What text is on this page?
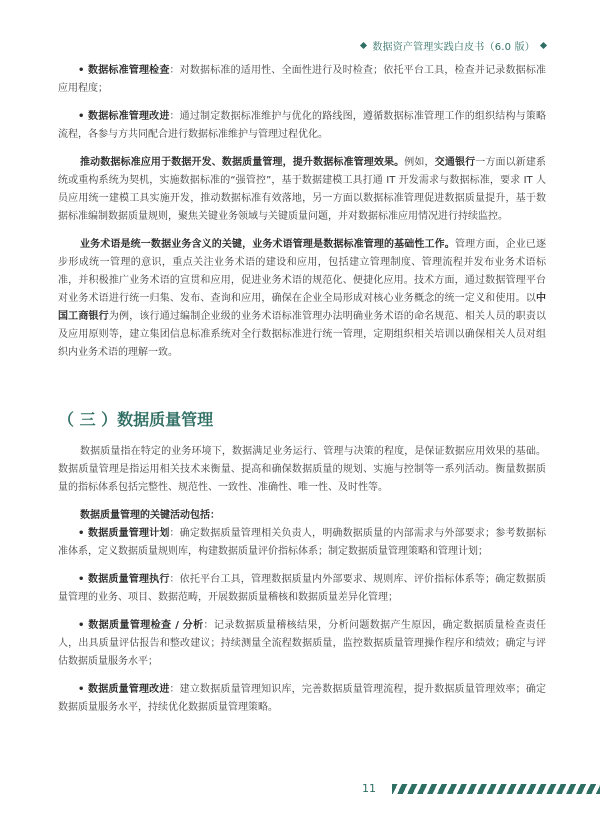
数据资产管理实践白皮书（6.0 版）

• 数据标准管理检查：对数据标准的适用性、全面性进行及时检查；依托平台工具，检查并记录数据标准应用程度；

• 数据标准管理改进：通过制定数据标准维护与优化的路线图，遵循数据标准管理工作的组织结构与策略流程，各参与方共同配合进行数据标准维护与管理过程优化。

推动数据标准应用于数据开发、数据质量管理，提升数据标准管理效果。例如，交通银行一方面以新建系统或重构系统为契机，实施数据标准的“强管控”，基于数据建模工具打通 IT 开发需求与数据标准，要求 IT 人员应用统一建模工具实施开发，推动数据标准有效落地，另一方面以数据标准管理促进数据质量提升，基于数据标准编制数据质量规则，聚焦关键业务领域与关键质量问题，并对数据标准应用情况进行持续监控。

业务术语是统一数据业务含义的关键，业务术语管理是数据标准管理的基础性工作。管理方面，企业已逐步形成统一管理的意识，重点关注业务术语的建设和应用，包括建立管理制度、管理流程并发布业务术语标准，并积极推广业务术语的宣贯和应用，促进业务术语的规范化、便捷化应用。技术方面，通过数据管理平台对业务术语进行统一归集、发布、查询和应用，确保在企业全局形成对核心业务概念的统一定义和使用。以中国工商银行为例，该行通过编制企业级的业务术语标准管理办法明确业务术语的命名规范、相关人员的职责以及应用原则等，建立集团信息标准系统对全行数据标准进行统一管理，定期组织相关培训以确保相关人员对组织内业务术语的理解一致。

（ 三 ）数据质量管理

数据质量指在特定的业务环境下，数据满足业务运行、管理与决策的程度，是保证数据应用效果的基础。数据质量管理是指运用相关技术来衡量、提高和确保数据质量的规划、实施与控制等一系列活动。衡量数据质量的指标体系包括完整性、规范性、一致性、准确性、唯一性、及时性等。

数据质量管理的关键活动包括：

• 数据质量管理计划：确定数据质量管理相关负责人，明确数据质量的内部需求与外部要求；参考数据标准体系，定义数据质量规则库，构建数据质量评价指标体系；制定数据质量管理策略和管理计划；

• 数据质量管理执行：依托平台工具，管理数据质量内外部要求、规则库、评价指标体系等；确定数据质量管理的业务、项目、数据范畴，开展数据质量稽核和数据质量差异化管理；

• 数据质量管理检查 / 分析：记录数据质量稽核结果，分析问题数据产生原因，确定数据质量检查责任人，出具质量评估报告和整改建议；持续测量全流程数据质量，监控数据质量管理操作程序和绩效；确定与评估数据质量服务水平；

• 数据质量管理改进：建立数据质量管理知识库，完善数据质量管理流程，提升数据质量管理效率；确定数据质量服务水平，持续优化数据质量管理策略。

11
